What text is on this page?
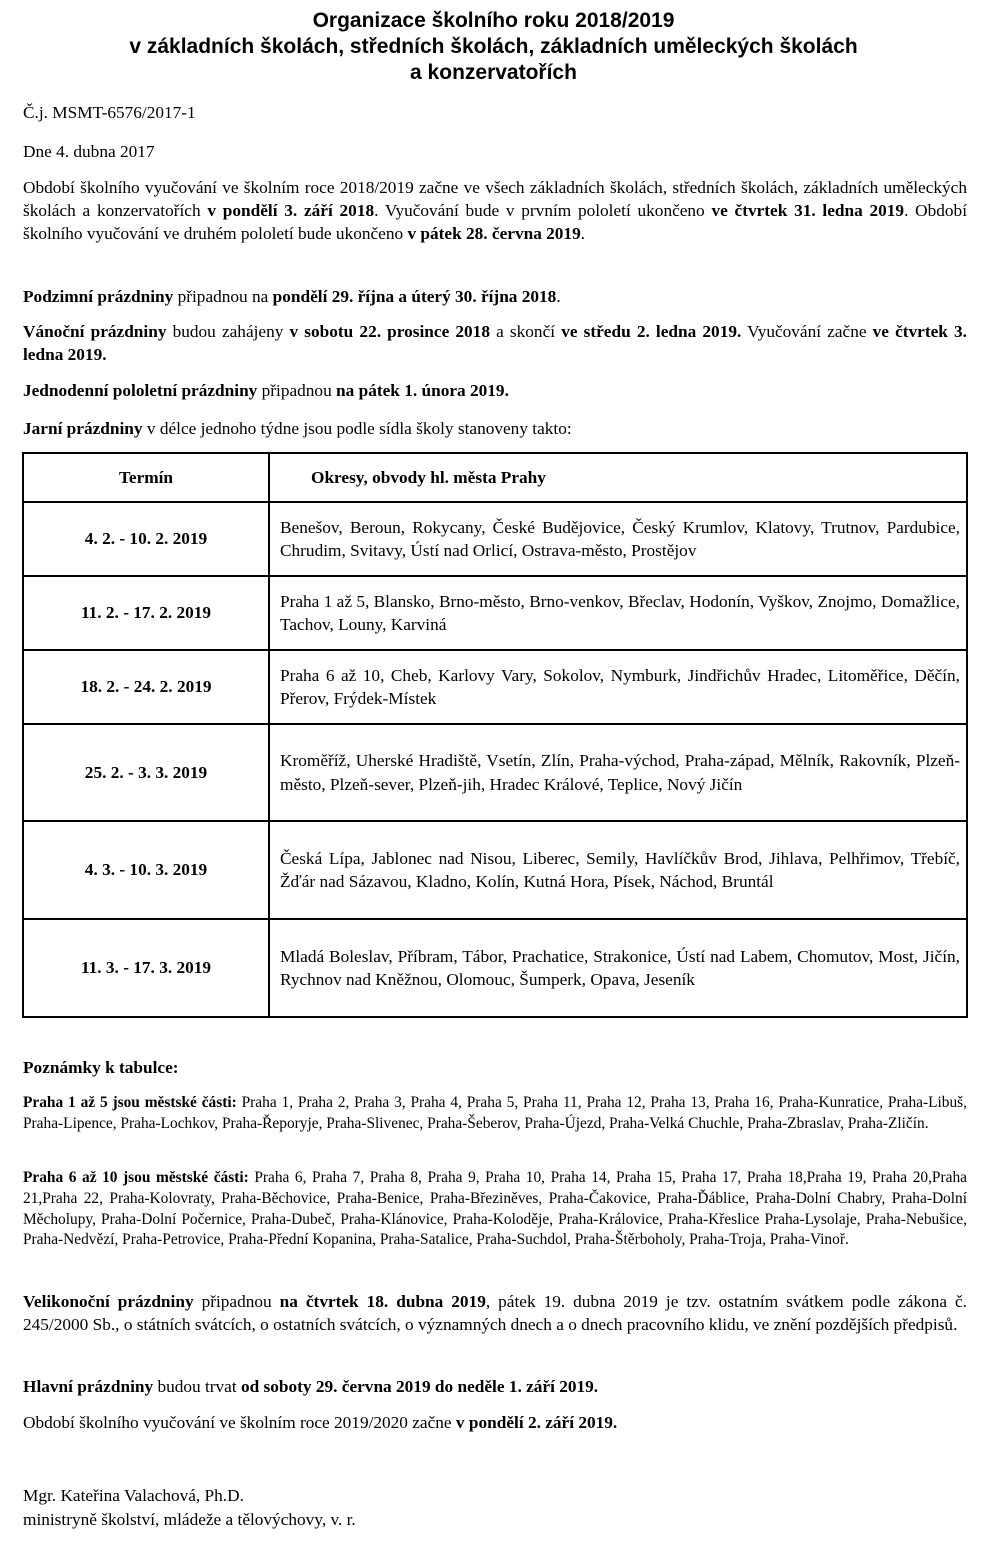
Organizace školního roku 2018/2019
v základních školách, středních školách, základních uměleckých školách
a konzervatořích

Č.j. MSMT-6576/2017-1

Dne 4. dubna 2017

Období školního vyučování ve školním roce 2018/2019 začne ve všech základních školách, středních školách, základních uměleckých školách a konzervatořích v pondělí 3. září 2018. Vyučování bude v prvním pololetí ukončeno ve čtvrtek 31. ledna 2019. Období školního vyučování ve druhém pololetí bude ukončeno v pátek 28. června 2019.

Podzimní prázdniny připadnou na pondělí 29. října a úterý 30. října 2018.

Vánoční prázdniny budou zahájeny v sobotu 22. prosince 2018 a skončí ve středu 2. ledna 2019. Vyučování začne ve čtvrtek 3. ledna 2019.

Jednodenní pololetní prázdniny připadnou na pátek 1. února 2019.

Jarní prázdniny v délce jednoho týdne jsou podle sídla školy stanoveny takto:

Termín	Okresy, obvody hl. města Prahy
4. 2. - 10. 2. 2019	Benešov, Beroun, Rokycany, České Budějovice, Český Krumlov, Klatovy, Trutnov, Pardubice, Chrudim, Svitavy, Ústí nad Orlicí, Ostrava-město, Prostějov
11. 2. - 17. 2. 2019	Praha 1 až 5, Blansko, Brno-město, Brno-venkov, Břeclav, Hodonín, Vyškov, Znojmo, Domažlice, Tachov, Louny, Karviná
18. 2. - 24. 2. 2019	Praha 6 až 10, Cheb, Karlovy Vary, Sokolov, Nymburk, Jindřichův Hradec, Litoměřice, Děčín, Přerov, Frýdek-Místek
25. 2. - 3. 3. 2019	Kroměříž, Uherské Hradiště, Vsetín, Zlín, Praha-východ, Praha-západ, Mělník, Rakovník, Plzeň-město, Plzeň-sever, Plzeň-jih, Hradec Králové, Teplice, Nový Jičín
4. 3. - 10. 3. 2019	Česká Lípa, Jablonec nad Nisou, Liberec, Semily, Havlíčkův Brod, Jihlava, Pelhřimov, Třebíč, Žďár nad Sázavou, Kladno, Kolín, Kutná Hora, Písek, Náchod, Bruntál
11. 3. - 17. 3. 2019	Mladá Boleslav, Příbram, Tábor, Prachatice, Strakonice, Ústí nad Labem, Chomutov, Most, Jičín, Rychnov nad Kněžnou, Olomouc, Šumperk, Opava, Jeseník

Poznámky k tabulce:

Praha 1 až 5 jsou městské části: Praha 1, Praha 2, Praha 3, Praha 4, Praha 5, Praha 11, Praha 12, Praha 13, Praha 16, Praha-Kunratice, Praha-Libuš, Praha-Lipence, Praha-Lochkov, Praha-Řeporyje, Praha-Slivenec, Praha-Šeberov, Praha-Újezd, Praha-Velká Chuchle, Praha-Zbraslav, Praha-Zličín.

Praha 6 až 10 jsou městské části: Praha 6, Praha 7, Praha 8, Praha 9, Praha 10, Praha 14, Praha 15, Praha 17, Praha 18,Praha 19, Praha 20,Praha 21,Praha 22, Praha-Kolovraty, Praha-Běchovice, Praha-Benice, Praha-Březiněves, Praha-Čakovice, Praha-Ďáblice, Praha-Dolní Chabry, Praha-Dolní Měcholupy, Praha-Dolní Počernice, Praha-Dubeč, Praha-Klánovice, Praha-Koloděje, Praha-Královice, Praha-Křeslice Praha-Lysolaje, Praha-Nebušice, Praha-Nedvězí, Praha-Petrovice, Praha-Přední Kopanina, Praha-Satalice, Praha-Suchdol, Praha-Štěrboholy, Praha-Troja, Praha-Vinoř.

Velikonoční prázdniny připadnou na čtvrtek 18. dubna 2019, pátek 19. dubna 2019 je tzv. ostatním svátkem podle zákona č. 245/2000 Sb., o státních svátcích, o ostatních svátcích, o významných dnech a o dnech pracovního klidu, ve znění pozdějších předpisů.

Hlavní prázdniny budou trvat od soboty 29. června 2019 do neděle 1. září 2019.

Období školního vyučování ve školním roce 2019/2020 začne v pondělí 2. září 2019.

Mgr. Kateřina Valachová, Ph.D.
ministryně školství, mládeže a tělovýchovy, v. r.
